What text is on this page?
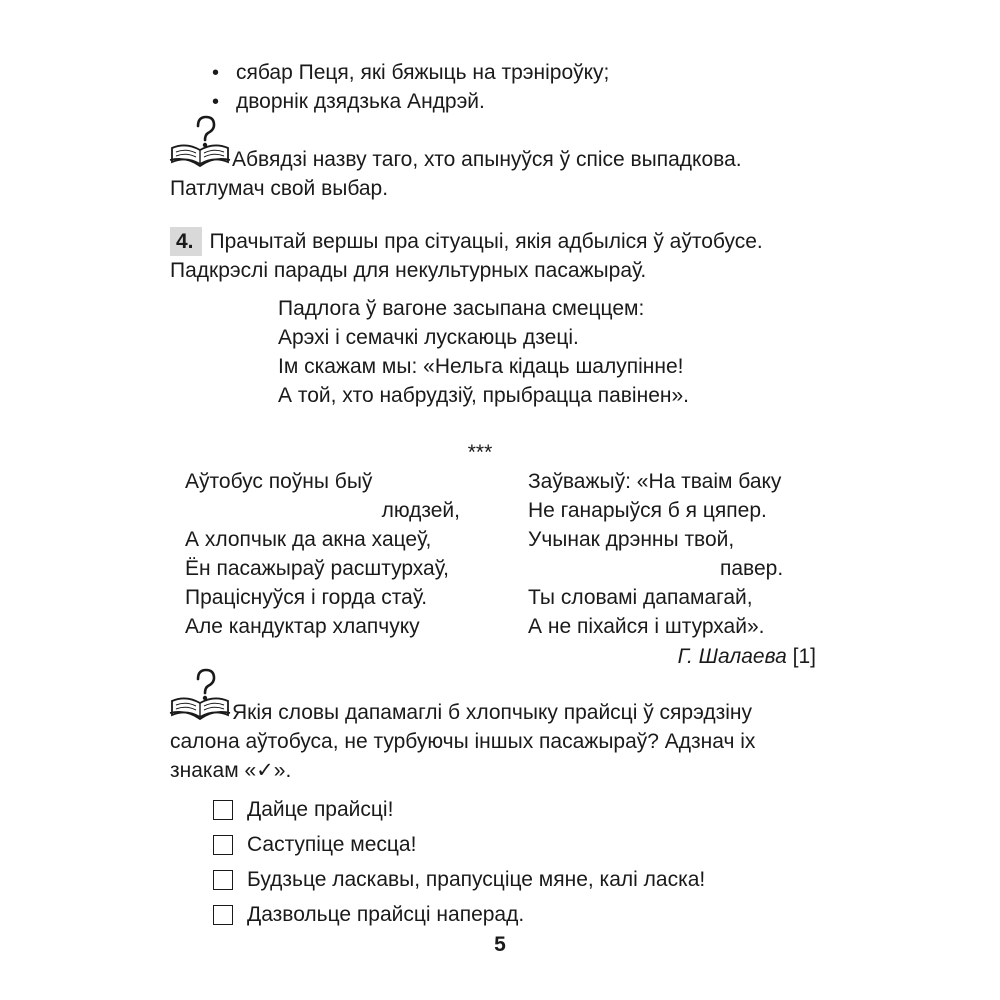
• сябар Пеця, які бяжыць на трэніроўку;
• дворнік дзядзька Андрэй.
Абвядзі назву таго, хто апынуўся ў спісе выпадкова.
Патлумач свой выбар.
4. Прачытай вершы пра сітуацыі, якія адбыліся ў аўтобусе.
Падкрэслі парады для некультурных пасажыраў.
Падлога ў вагоне засыпана смеццем:
Арэхі і семачкі лускаюць дзеці.
Ім скажам мы: «Нельга кідаць шалупінне!
А той, хто набрудзіў, прыбрацца павінен».
***
Аўтобус поўны быў
людзей,
А хлопчык да акна хацеў,
Ён пасажыраў расштурхаў,
Праціснуўся і горда стаў.
Але кандуктар хлапчуку
Заўважыў: «На тваім баку
Не ганарыўся б я цяпер.
Учынак дрэнны твой,
павер.
Ты словамі дапамагай,
А не піхайся і штурхай».
Г. Шалаева [1]
Якія словы дапамаглі б хлопчыку прайсці ў сярэдзіну
салона аўтобуса, не турбуючы іншых пасажыраў? Адзнач іх
знакам «✓».
Дайце прайсці!
Саступіце месца!
Будзьце ласкавы, прапусціце мяне, калі ласка!
Дазвольце прайсці наперад.
5
